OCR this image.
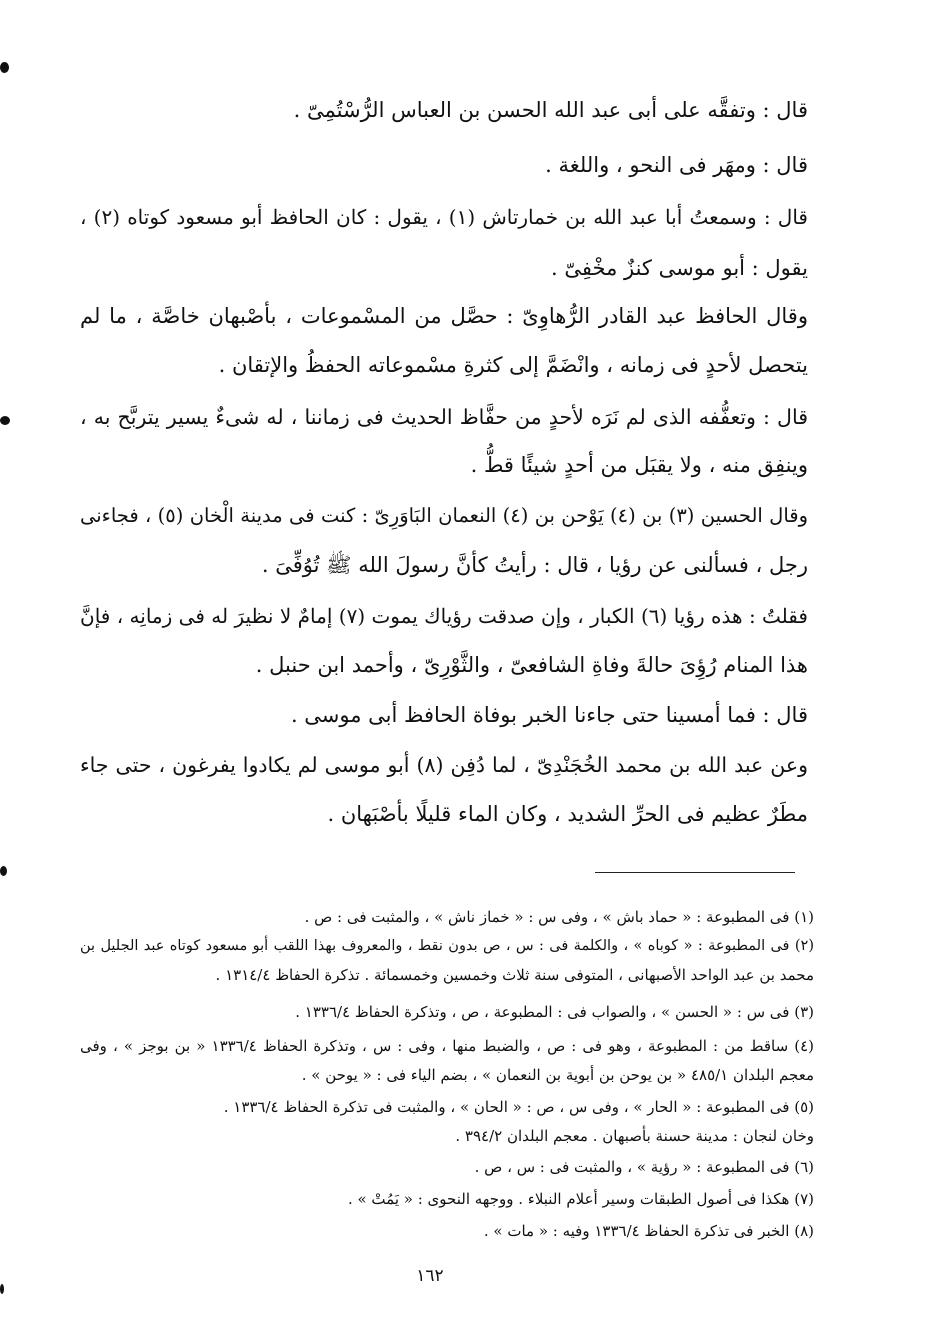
قال : وتفقَّه على أبى عبد الله الحسن بن العباس الرُّسْتُمِىّ .
قال : ومهَر فى النحو ، واللغة .
قال : وسمعتُ أبا عبد الله بن خمارتاش (١) ، يقول : كان الحافظ أبو مسعود كوتاه (٢) ،
يقول : أبو موسى كنزٌ مخْفِىّ .
وقال الحافظ عبد القادر الرُّهاوِىّ : حصَّل من المسْموعات ، بأصْبهان خاصَّة ، ما لم
يتحصل لأحدٍ فى زمانه ، وانْضَمَّ إلى كثرةِ مسْموعاته الحفظُ والإتقان .
قال : وتعفُّفه الذى لم نَرَه لأحدٍ من حفَّاظ الحديث فى زماننا ، له شىءٌ يسير يتربَّح به ،
وينفِق منه ، ولا يقبَل من أحدٍ شيئًا قطُّ .
وقال الحسين (٣) بن (٤) يَوْحن بن (٤) النعمان البَاوَرِىّ : كنت فى مدينة الْخان (٥) ، فجاءنى
رجل ، فسألنى عن رؤيا ، قال : رأيتُ كأنَّ رسولَ الله ﷺ تُوُفِّىَ .
فقلتُ : هذه رؤيا (٦) الكبار ، وإن صدقت رؤياك يموت (٧) إمامٌ لا نظيرَ له فى زمانِه ، فإنَّ
هذا المنام رُؤِىَ حالةَ وفاةِ الشافعىّ ، والثَّوْرِىّ ، وأحمد ابن حنبل .
قال : فما أمسينا حتى جاءنا الخبر بوفاة الحافظ أبى موسى .
وعن عبد الله بن محمد الخُجَنْدِىّ ، لما دُفِن (٨) أبو موسى لم يكادوا يفرغون ، حتى جاء
مطَرٌ عظيم فى الحرِّ الشديد ، وكان الماء قليلًا بأصْبَهان .
(١) فى المطبوعة : « حماد باش » ، وفى س : « خماز ناش » ، والمثبت فى : ص .
(٢) فى المطبوعة : « كوباه » ، والكلمة فى : س ، ص بدون نقط ، والمعروف بهذا اللقب أبو مسعود كوتاه عبد الجليل بن
محمد بن عبد الواحد الأصبهانى ، المتوفى سنة ثلاث وخمسين وخمسمائة . تذكرة الحفاظ ١٣١٤/٤ .
(٣) فى س : « الحسن » ، والصواب فى : المطبوعة ، ص ، وتذكرة الحفاظ ١٣٣٦/٤ .
(٤) ساقط من : المطبوعة ، وهو فى : ص ، والضبط منها ، وفى : س ، وتذكرة الحفاظ ١٣٣٦/٤ « بن بوجز » ، وفى
معجم البلدان ٤٨٥/١ « بن يوحن بن أبوية بن النعمان » ، بضم الياء فى : « يوحن » .
(٥) فى المطبوعة : « الحار » ، وفى س ، ص : « الحان » ، والمثبت فى تذكرة الحفاظ ١٣٣٦/٤ .
وخان لنجان : مدينة حسنة بأصبهان . معجم البلدان ٣٩٤/٢ .
(٦) فى المطبوعة : « رؤية » ، والمثبت فى : س ، ص .
(٧) هكذا فى أصول الطبقات وسير أعلام النبلاء . ووجهه النحوى : « يَمُتْ » .
(٨) الخبر فى تذكرة الحفاظ ١٣٣٦/٤ وفيه : « مات » .
١٦٢
